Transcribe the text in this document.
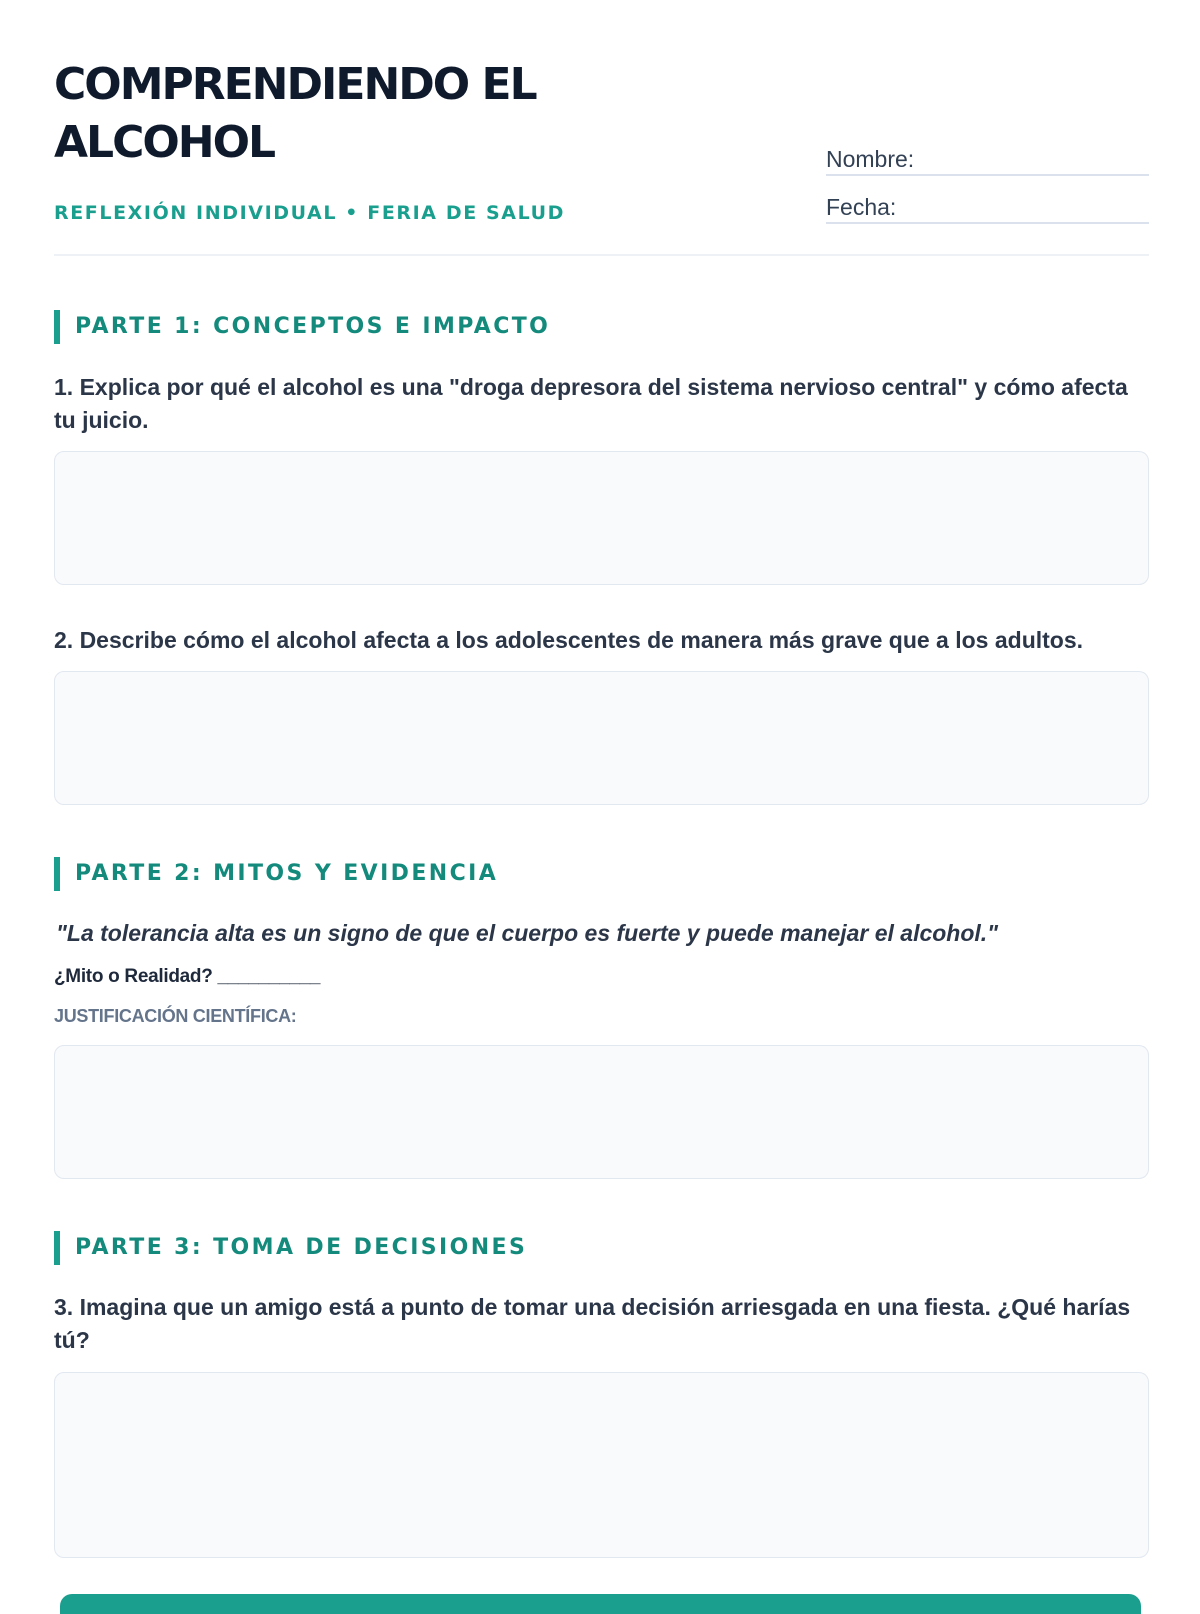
COMPRENDIENDO EL ALCOHOL
REFLEXIÓN INDIVIDUAL • FERIA DE SALUD
Nombre:
Fecha:
PARTE 1: CONCEPTOS E IMPACTO
1. Explica por qué el alcohol es una "droga depresora del sistema nervioso central" y cómo afecta tu juicio.
2. Describe cómo el alcohol afecta a los adolescentes de manera más grave que a los adultos.
PARTE 2: MITOS Y EVIDENCIA
"La tolerancia alta es un signo de que el cuerpo es fuerte y puede manejar el alcohol."
¿Mito o Realidad? __________
JUSTIFICACIÓN CIENTÍFICA:
PARTE 3: TOMA DE DECISIONES
3. Imagina que un amigo está a punto de tomar una decisión arriesgada en una fiesta. ¿Qué harías tú?
